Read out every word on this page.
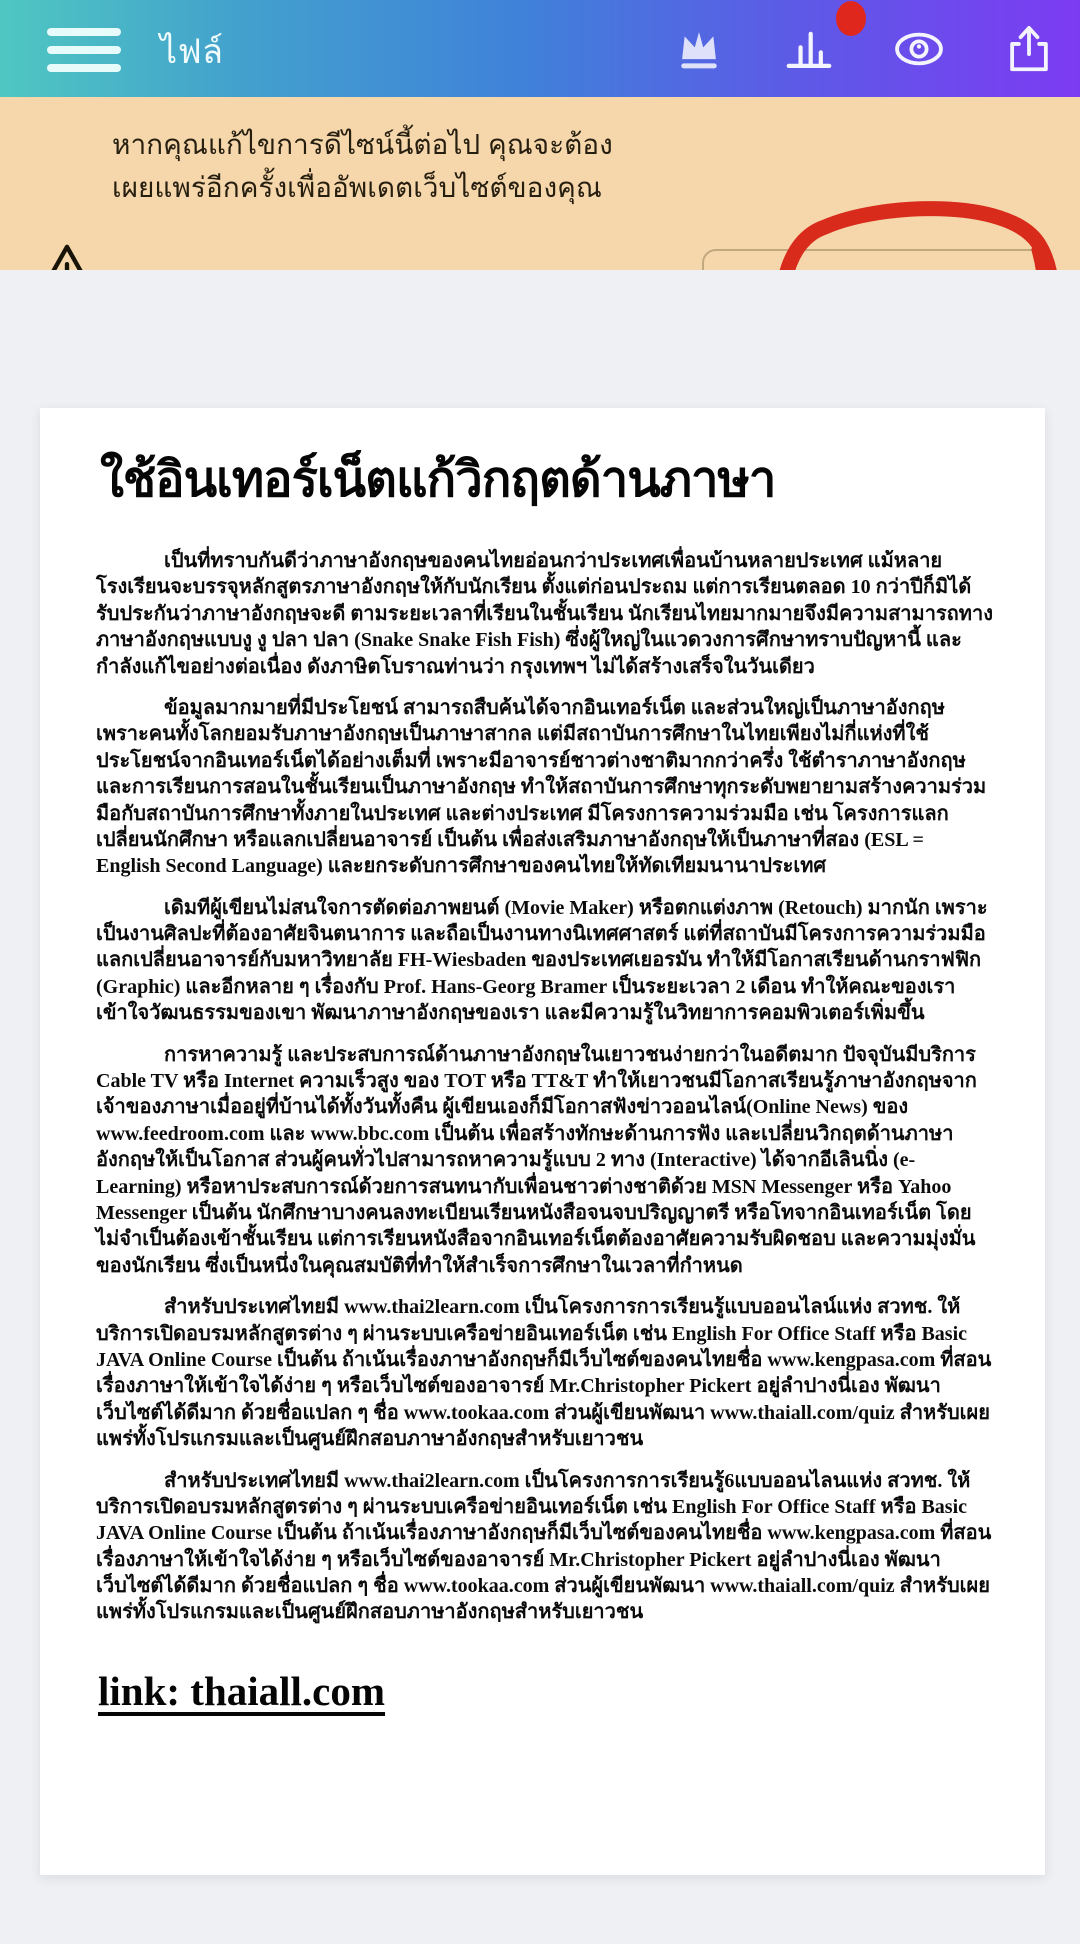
ไฟล์
หากคุณแก้ไขการดีไซน์นี้ต่อไป คุณจะต้องเผยแพร่อีกครั้งเพื่ออัพเดตเว็บไซต์ของคุณ
ใช้อินเทอร์เน็ตแก้วิกฤตด้านภาษา

เป็นที่ทราบกันดีว่าภาษาอังกฤษของคนไทยอ่อนกว่าประเทศเพื่อนบ้านหลายประเทศ แม้หลายโรงเรียนจะบรรจุหลักสูตรภาษาอังกฤษให้กับนักเรียน ตั้งแต่ก่อนประถม แต่การเรียนตลอด 10 กว่าปีก็มิได้รับประกันว่าภาษาอังกฤษจะดี ตามระยะเวลาที่เรียนในชั้นเรียน นักเรียนไทยมากมายจึงมีความสามารถทางภาษาอังกฤษแบบงู งู ปลา ปลา (Snake Snake Fish Fish) ซึ่งผู้ใหญ่ในแวดวงการศึกษาทราบปัญหานี้ และกำลังแก้ไขอย่างต่อเนื่อง ดังภาษิตโบราณท่านว่า กรุงเทพฯ ไม่ได้สร้างเสร็จในวันเดียว

ข้อมูลมากมายที่มีประโยชน์ สามารถสืบค้นได้จากอินเทอร์เน็ต และส่วนใหญ่เป็นภาษาอังกฤษ เพราะคนทั้งโลกยอมรับภาษาอังกฤษเป็นภาษาสากล แต่มีสถาบันการศึกษาในไทยเพียงไม่กี่แห่งที่ใช้ประโยชน์จากอินเทอร์เน็ตได้อย่างเต็มที่ เพราะมีอาจารย์ชาวต่างชาติมากกว่าครึ่ง ใช้ตำราภาษาอังกฤษ และการเรียนการสอนในชั้นเรียนเป็นภาษาอังกฤษ ทำให้สถาบันการศึกษาทุกระดับพยายามสร้างความร่วมมือกับสถาบันการศึกษาทั้งภายในประเทศ และต่างประเทศ มีโครงการความร่วมมือ เช่น โครงการแลกเปลี่ยนนักศึกษา หรือแลกเปลี่ยนอาจารย์ เป็นต้น เพื่อส่งเสริมภาษาอังกฤษให้เป็นภาษาที่สอง (ESL = English Second Language) และยกระดับการศึกษาของคนไทยให้ทัดเทียมนานาประเทศ

เดิมทีผู้เขียนไม่สนใจการตัดต่อภาพยนต์ (Movie Maker) หรือตกแต่งภาพ (Retouch) มากนัก เพราะเป็นงานศิลปะที่ต้องอาศัยจินตนาการ และถือเป็นงานทางนิเทศศาสตร์ แต่ที่สถาบันมีโครงการความร่วมมือ แลกเปลี่ยนอาจารย์กับมหาวิทยาลัย FH-Wiesbaden ของประเทศเยอรมัน ทำให้มีโอกาสเรียนด้านกราฟฟิก (Graphic) และอีกหลาย ๆ เรื่องกับ Prof. Hans-Georg Bramer เป็นระยะเวลา 2 เดือน ทำให้คณะของเราเข้าใจวัฒนธรรมของเขา พัฒนาภาษาอังกฤษของเรา และมีความรู้ในวิทยาการคอมพิวเตอร์เพิ่มขึ้น

การหาความรู้ และประสบการณ์ด้านภาษาอังกฤษในเยาวชนง่ายกว่าในอดีตมาก ปัจจุบันมีบริการ Cable TV หรือ Internet ความเร็วสูง ของ TOT หรือ TT&T ทำให้เยาวชนมีโอกาสเรียนรู้ภาษาอังกฤษจากเจ้าของภาษาเมื่ออยู่ที่บ้านได้ทั้งวันทั้งคืน ผู้เขียนเองก็มีโอกาสฟังข่าวออนไลน์(Online News) ของ www.feedroom.com และ www.bbc.com เป็นต้น เพื่อสร้างทักษะด้านการฟัง และเปลี่ยนวิกฤตด้านภาษาอังกฤษให้เป็นโอกาส ส่วนผู้คนทั่วไปสามารถหาความรู้แบบ 2 ทาง (Interactive) ได้จากอีเลินนิ่ง (e-Learning) หรือหาประสบการณ์ด้วยการสนทนากับเพื่อนชาวต่างชาติด้วย MSN Messenger หรือ Yahoo Messenger เป็นต้น นักศึกษาบางคนลงทะเบียนเรียนหนังสือจนจบปริญญาตรี หรือโทจากอินเทอร์เน็ต โดยไม่จำเป็นต้องเข้าชั้นเรียน แต่การเรียนหนังสือจากอินเทอร์เน็ตต้องอาศัยความรับผิดชอบ และความมุ่งมั่นของนักเรียน ซึ่งเป็นหนึ่งในคุณสมบัติที่ทำให้สำเร็จการศึกษาในเวลาที่กำหนด

สำหรับประเทศไทยมี www.thai2learn.com เป็นโครงการการเรียนรู้แบบออนไลน์แห่ง สวทช. ให้บริการเปิดอบรมหลักสูตรต่าง ๆ ผ่านระบบเครือข่ายอินเทอร์เน็ต เช่น English For Office Staff หรือ Basic JAVA Online Course เป็นต้น ถ้าเน้นเรื่องภาษาอังกฤษก็มีเว็บไซต์ของคนไทยชื่อ www.kengpasa.com ที่สอนเรื่องภาษาให้เข้าใจได้ง่าย ๆ หรือเว็บไซต์ของอาจารย์ Mr.Christopher Pickert อยู่ลำปางนี่เอง พัฒนาเว็บไซต์ได้ดีมาก ด้วยชื่อแปลก ๆ ชื่อ www.tookaa.com ส่วนผู้เขียนพัฒนา www.thaiall.com/quiz สำหรับเผยแพร่ทั้งโปรแกรมและเป็นศูนย์ฝึกสอบภาษาอังกฤษสำหรับเยาวชน

สำหรับประเทศไทยมี www.thai2learn.com เป็นโครงการการเรียนรู้6แบบออนไลนแห่ง สวทช. ให้บริการเปิดอบรมหลักสูตรต่าง ๆ ผ่านระบบเครือข่ายอินเทอร์เน็ต เช่น English For Office Staff หรือ Basic JAVA Online Course เป็นต้น ถ้าเน้นเรื่องภาษาอังกฤษก็มีเว็บไซต์ของคนไทยชื่อ www.kengpasa.com ที่สอนเรื่องภาษาให้เข้าใจได้ง่าย ๆ หรือเว็บไซต์ของอาจารย์ Mr.Christopher Pickert อยู่ลำปางนี่เอง พัฒนาเว็บไซต์ได้ดีมาก ด้วยชื่อแปลก ๆ ชื่อ www.tookaa.com ส่วนผู้เขียนพัฒนา www.thaiall.com/quiz สำหรับเผยแพร่ทั้งโปรแกรมและเป็นศูนย์ฝึกสอบภาษาอังกฤษสำหรับเยาวชน

link: thaiall.com
